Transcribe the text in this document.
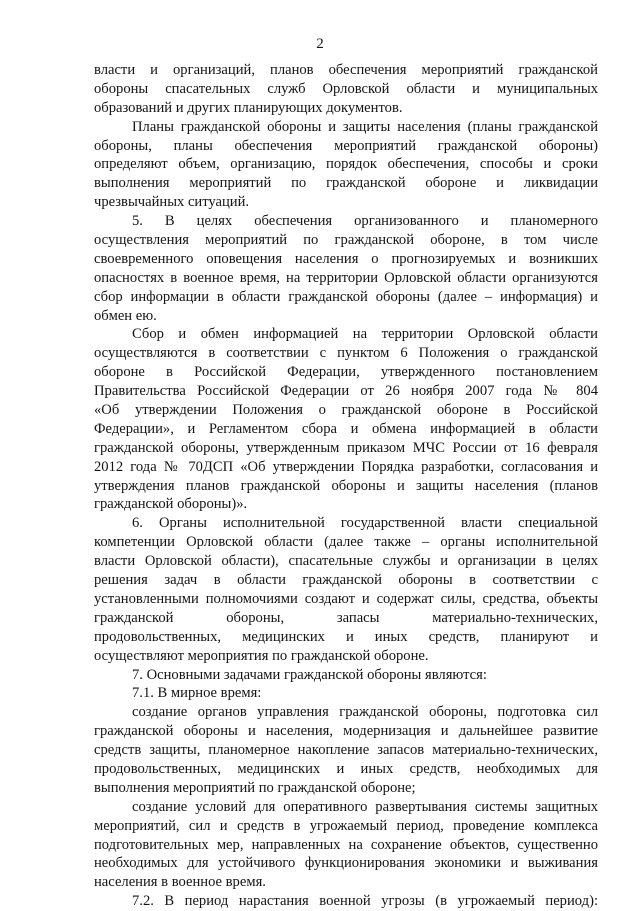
2
власти и организаций, планов обеспечения мероприятий гражданской
обороны спасательных служб Орловской области и муниципальных
образований и других планирующих документов.
Планы гражданской обороны и защиты населения (планы гражданской
обороны, планы обеспечения мероприятий гражданской обороны)
определяют объем, организацию, порядок обеспечения, способы и сроки
выполнения мероприятий по гражданской обороне и ликвидации
чрезвычайных ситуаций.
5. В целях обеспечения организованного и планомерного
осуществления мероприятий по гражданской обороне, в том числе
своевременного оповещения населения о прогнозируемых и возникших
опасностях в военное время, на территории Орловской области организуются
сбор информации в области гражданской обороны (далее – информация) и
обмен ею.
Сбор и обмен информацией на территории Орловской области
осуществляются в соответствии с пунктом 6 Положения о гражданской
обороне в Российской Федерации, утвержденного постановлением
Правительства Российской Федерации от 26 ноября 2007 года № 804
«Об утверждении Положения о гражданской обороне в Российской
Федерации», и Регламентом сбора и обмена информацией в области
гражданской обороны, утвержденным приказом МЧС России от 16 февраля
2012 года № 70ДСП «Об утверждении Порядка разработки, согласования и
утверждения планов гражданской обороны и защиты населения (планов
гражданской обороны)».
6. Органы исполнительной государственной власти специальной
компетенции Орловской области (далее также – органы исполнительной
власти Орловской области), спасательные службы и организации в целях
решения задач в области гражданской обороны в соответствии с
установленными полномочиями создают и содержат силы, средства, объекты
гражданской обороны, запасы материально-технических,
продовольственных, медицинских и иных средств, планируют и
осуществляют мероприятия по гражданской обороне.
7. Основными задачами гражданской обороны являются:
7.1. В мирное время:
создание органов управления гражданской обороны, подготовка сил
гражданской обороны и населения, модернизация и дальнейшее развитие
средств защиты, планомерное накопление запасов материально-технических,
продовольственных, медицинских и иных средств, необходимых для
выполнения мероприятий по гражданской обороне;
создание условий для оперативного развертывания системы защитных
мероприятий, сил и средств в угрожаемый период, проведение комплекса
подготовительных мер, направленных на сохранение объектов, существенно
необходимых для устойчивого функционирования экономики и выживания
населения в военное время.
7.2. В период нарастания военной угрозы (в угрожаемый период):
